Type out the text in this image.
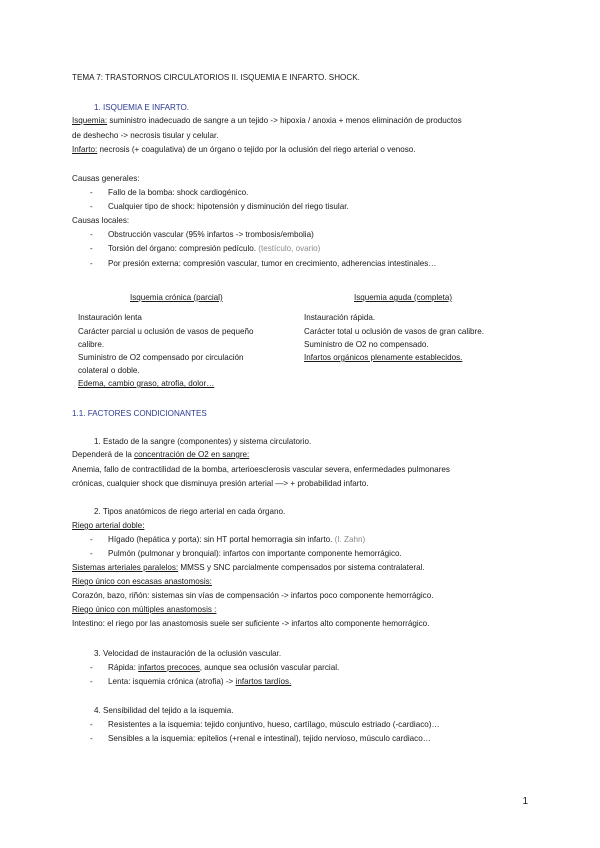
TEMA 7: TRASTORNOS CIRCULATORIOS II. ISQUEMIA E INFARTO. SHOCK.
1. ISQUEMIA E INFARTO.
Isquemia: suministro inadecuado de sangre a un tejido -> hipoxia / anoxia + menos eliminación de productos
de deshecho -> necrosis tisular y celular.
Infarto: necrosis (+ coagulativa) de un órgano o tejido por la oclusión del riego arterial o venoso.
Causas generales:
- Fallo de la bomba: shock cardiogénico.
- Cualquier tipo de shock: hipotensión y disminución del riego tisular.
Causas locales:
- Obstrucción vascular (95% infartos -> trombosis/embolia)
- Torsión del órgano: compresión pedículo. (testículo, ovario)
- Por presión externa: compresión vascular, tumor en crecimiento, adherencias intestinales…
Isquemia crónica (parcial)	Isquemia aguda (completa)
Instauración lenta
Carácter parcial u oclusión de vasos de pequeño
calibre.
Suministro de O2 compensado por circulación
colateral o doble.
Edema, cambio graso, atrofia, dolor…
Instauración rápida.
Carácter total u oclusión de vasos de gran calibre.
Suministro de O2 no compensado.
Infartos orgánicos plenamente establecidos.
1.1. FACTORES CONDICIONANTES
1. Estado de la sangre (componentes) y sistema circulatorio.
Dependerá de la concentración de O2 en sangre:
Anemia, fallo de contractilidad de la bomba, arterioesclerosis vascular severa, enfermedades pulmonares
crónicas, cualquier shock que disminuya presión arterial —> + probabilidad infarto.
2. Tipos anatómicos de riego arterial en cada órgano.
Riego arterial doble:
- Hígado (hepática y porta): sin HT portal hemorragia sin infarto. (I. Zahn)
- Pulmón (pulmonar y bronquial): infartos con importante componente hemorrágico.
Sistemas arteriales paralelos: MMSS y SNC parcialmente compensados por sistema contralateral.
Riego único con escasas anastomosis:
Corazón, bazo, riñón: sistemas sin vías de compensación -> infartos poco componente hemorrágico.
Riego único con múltiples anastomosis :
Intestino: el riego por las anastomosis suele ser suficiente -> infartos alto componente hemorrágico.
3. Velocidad de instauración de la oclusión vascular.
- Rápida: infartos precoces, aunque sea oclusión vascular parcial.
- Lenta: isquemia crónica (atrofia) -> infartos tardíos.
4. Sensibilidad del tejido a la isquemia.
- Resistentes a la isquemia: tejido conjuntivo, hueso, cartílago, músculo estriado (-cardiaco)…
- Sensibles a la isquemia: epitelios (+renal e intestinal), tejido nervioso, músculo cardiaco…
1
